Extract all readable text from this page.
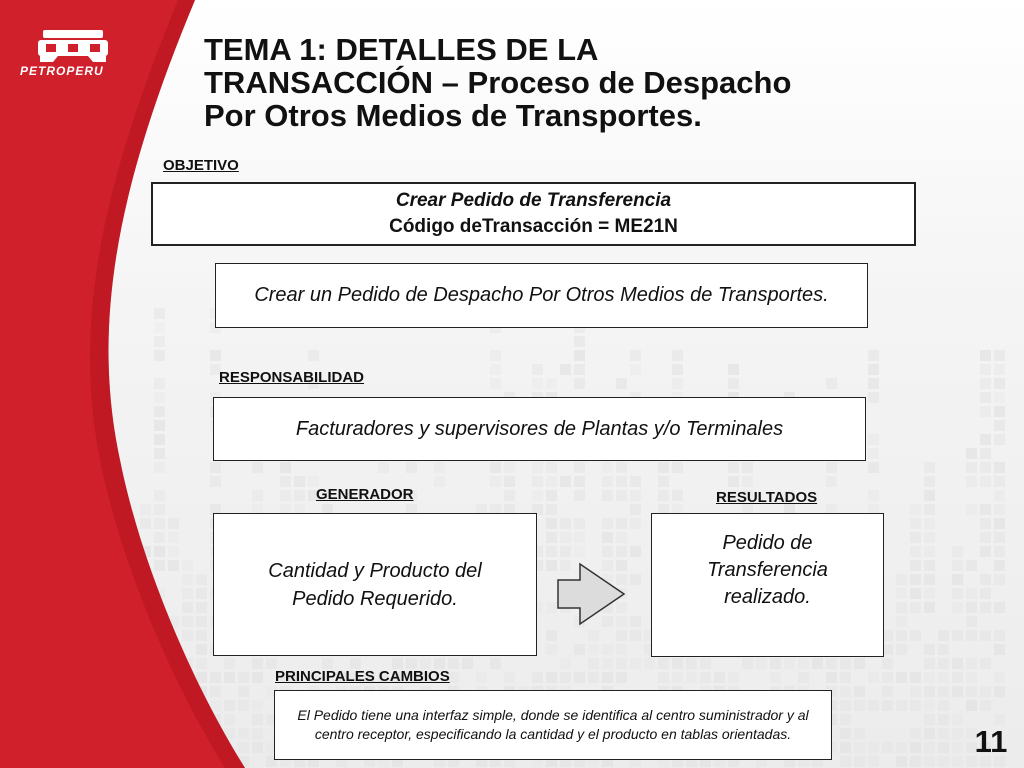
PETROPERU
TEMA 1: DETALLES DE LA
TRANSACCIÓN – Proceso de Despacho
Por Otros Medios de Transportes.
OBJETIVO
Crear Pedido de Transferencia
Código deTransacción = ME21N
Crear un Pedido de Despacho Por Otros Medios de Transportes.
RESPONSABILIDAD
Facturadores y supervisores de Plantas y/o Terminales
GENERADOR	RESULTADOS
Cantidad y Producto del Pedido Requerido.
Pedido de Transferencia realizado.
PRINCIPALES CAMBIOS
El Pedido tiene una interfaz simple, donde se identifica al centro suministrador y al centro receptor, especificando la cantidad y el producto en tablas orientadas.	11
